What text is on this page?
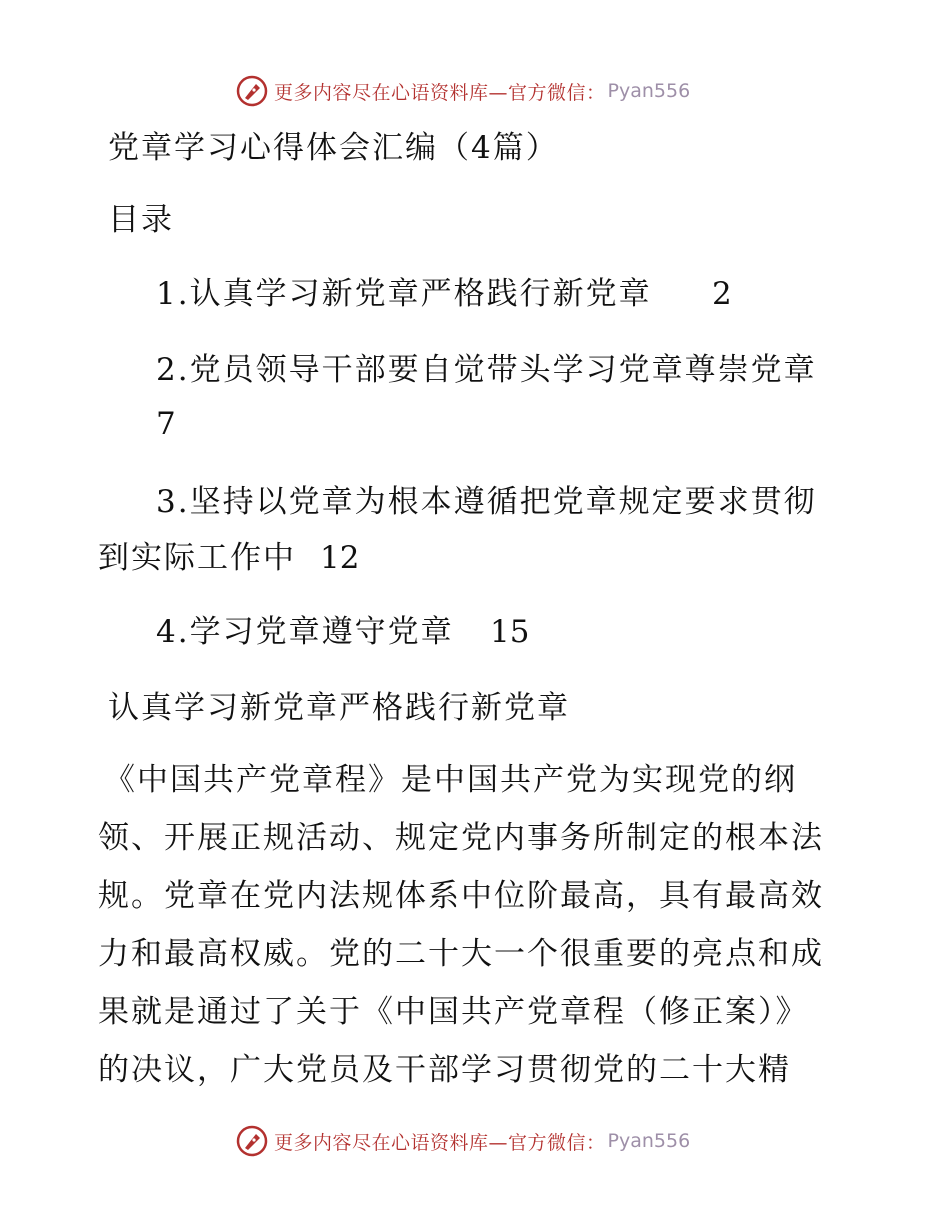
更多内容尽在心语资料库—官方微信： Pyan556
党章学习心得体会汇编（4篇）
目录
1.认真学习新党章严格践行新党章 2
2.党员领导干部要自觉带头学习党章尊崇党章
7
3.坚持以党章为根本遵循把党章规定要求贯彻
到实际工作中 12
4.学习党章遵守党章 15
认真学习新党章严格践行新党章
《中国共产党章程》是中国共产党为实现党的纲
领、开展正规活动、规定党内事务所制定的根本法
规。党章在党内法规体系中位阶最高，具有最高效
力和最高权威。党的二十大一个很重要的亮点和成
果就是通过了关于《中国共产党章程（修正案）》
的决议，广大党员及干部学习贯彻党的二十大精
更多内容尽在心语资料库—官方微信： Pyan556
